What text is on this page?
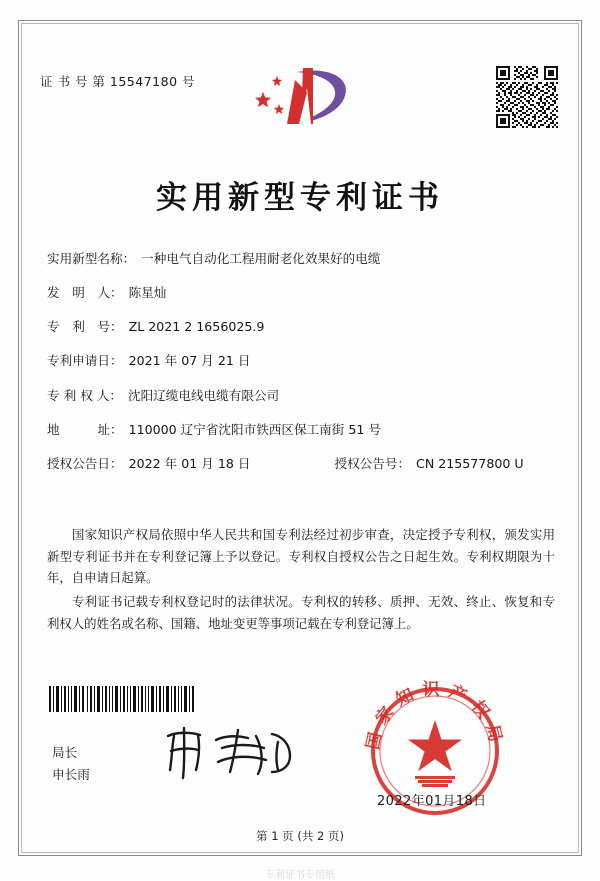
证 书 号 第 15547180 号
实用新型专利证书
实用新型名称： 一种电气自动化工程用耐老化效果好的电缆
发　明　人： 陈星灿
专　利　号： ZL 2021 2 1656025.9
专利申请日： 2021 年 07 月 21 日
专 利 权 人： 沈阳辽缆电线电缆有限公司
地　　　址： 110000 辽宁省沈阳市铁西区保工南街 51 号
授权公告日： 2022 年 01 月 18 日	授权公告号： CN 215577800 U

国家知识产权局依照中华人民共和国专利法经过初步审查，决定授予专利权，颁发实用新型专利证书并在专利登记簿上予以登记。专利权自授权公告之日起生效。专利权期限为十年，自申请日起算。

专利证书记载专利权登记时的法律状况。专利权的转移、质押、无效、终止、恢复和专利权人的姓名或名称、国籍、地址变更等事项记载在专利登记簿上。

国家知识产权局
局长
申长雨
2022年01月18日
第 1 页 (共 2 页)
专利证书专用纸
